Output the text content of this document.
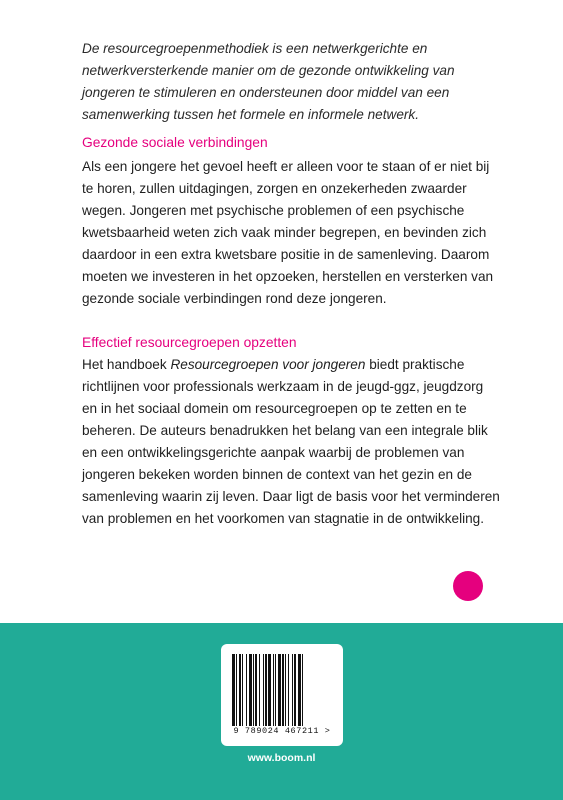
De resourcegroepenmethodiek is een netwerkgerichte en netwerkversterkende manier om de gezonde ontwikkeling van jongeren te stimuleren en ondersteunen door middel van een samenwerking tussen het formele en informele netwerk.

Gezonde sociale verbindingen

Als een jongere het gevoel heeft er alleen voor te staan of er niet bij te horen, zullen uitdagingen, zorgen en onzekerheden zwaarder wegen. Jongeren met psychische problemen of een psychische kwetsbaarheid weten zich vaak minder begrepen, en bevinden zich daardoor in een extra kwetsbare positie in de samenleving. Daarom moeten we investeren in het opzoeken, herstellen en versterken van gezonde sociale verbindingen rond deze jongeren.

Effectief resourcegroepen opzetten

Het handboek Resourcegroepen voor jongeren biedt praktische richtlijnen voor professionals werkzaam in de jeugd-ggz, jeugdzorg en in het sociaal domein om resourcegroepen op te zetten en te beheren. De auteurs benadrukken het belang van een integrale blik en een ontwikkelingsgerichte aanpak waarbij de problemen van jongeren bekeken worden binnen de context van het gezin en de samenleving waarin zij leven. Daar ligt de basis voor het verminderen van problemen en het voorkomen van stagnatie in de ontwikkeling.

9 789024 467211 >
www.boom.nl
